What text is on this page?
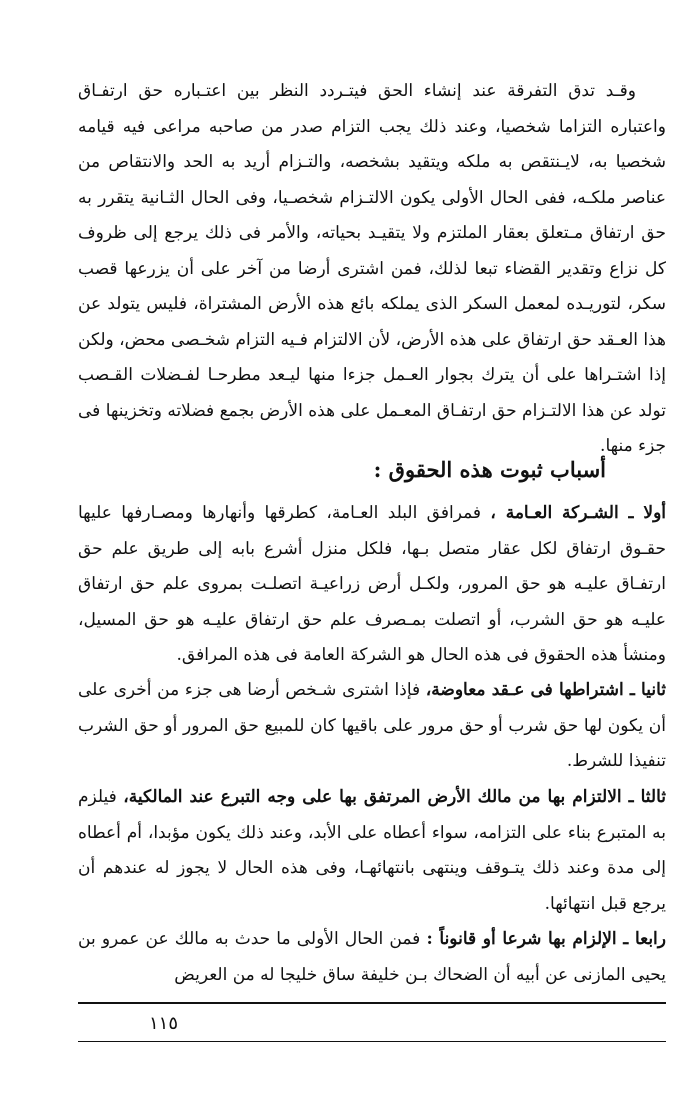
وقـد تدق التفرقة عند إنشاء الحق فيتـردد النظر بين اعتـباره حق ارتفـاق واعتباره التزاما شخصيا، وعند ذلك يجب التزام صدر من صاحبه مراعى فيه قيامه شخصيا به، لايـنتقص به ملكه ويتقيد بشخصه، والتـزام أريد به الحد والانتقاص من عناصر ملكـه، ففى الحال الأولى يكون الالتـزام شخصـيا، وفى الحال الثـانية يتقرر به حق ارتفاق مـتعلق بعقار الملتزم ولا يتقيـد بحياته، والأمر فى ذلك يرجع إلى ظروف كل نزاع وتقدير القضاء تبعا لذلك، فمن اشترى أرضا من آخر على أن يزرعها قصب سكر، لتوريـده لمعمل السكر الذى يملكه بائع هذه الأرض المشتراة، فليس يتولد عن هذا العـقد حق ارتفاق على هذه الأرض، لأن الالتزام فـيه التزام شخـصى محض، ولكن إذا اشتـراها على أن يترك بجوار العـمل جزءا منها ليـعد مطرحـا لفـضلات القـصب تولد عن هذا الالتـزام حق ارتفـاق المعـمل على هذه الأرض بجمع فضلاته وتخزينها فى جزء منها.

أسباب ثبوت هذه الحقوق :

أولا ـ الشـركة العـامة ، فمرافق البلد العـامة، كطرقها وأنهارها ومصـارفها عليها حقـوق ارتفاق لكل عقار متصل بـها، فلكل منزل أشرع بابه إلى طريق علم حق ارتفـاق عليـه هو حق المرور، ولكـل أرض زراعيـة اتصلـت بمروى علم حق ارتفاق عليـه هو حق الشرب، أو اتصلت بمـصرف علم حق ارتفاق عليـه هو حق المسيل، ومنشأ هذه الحقوق فى هذه الحال هو الشركة العامة فى هذه المرافق.

ثانيا ـ اشتراطها فى عـقد معاوضة، فإذا اشترى شـخص أرضا هى جزء من أخرى على أن يكون لها حق شرب أو حق مرور على باقيها كان للمبيع حق المرور أو حق الشرب تنفيذا للشرط.

ثالثا ـ الالتزام بها من مالك الأرض المرتفق بها على وجه التبرع عند المالكية، فيلزم به المتبرع بناء على التزامه، سواء أعطاه على الأبد، وعند ذلك يكون مؤبدا، أم أعطاه إلى مدة وعند ذلك يتـوقف وينتهى بانتهائهـا، وفى هذه الحال لا يجوز له عندهم أن يرجع قبل انتهائها.

رابعا ـ الإلزام بها شرعا أو قانوناً : فمن الحال الأولى ما حدث به مالك عن عمرو بن يحيى المازنى عن أبيه أن الضحاك بـن خليفة ساق خليجا له من العريض

١١٥
